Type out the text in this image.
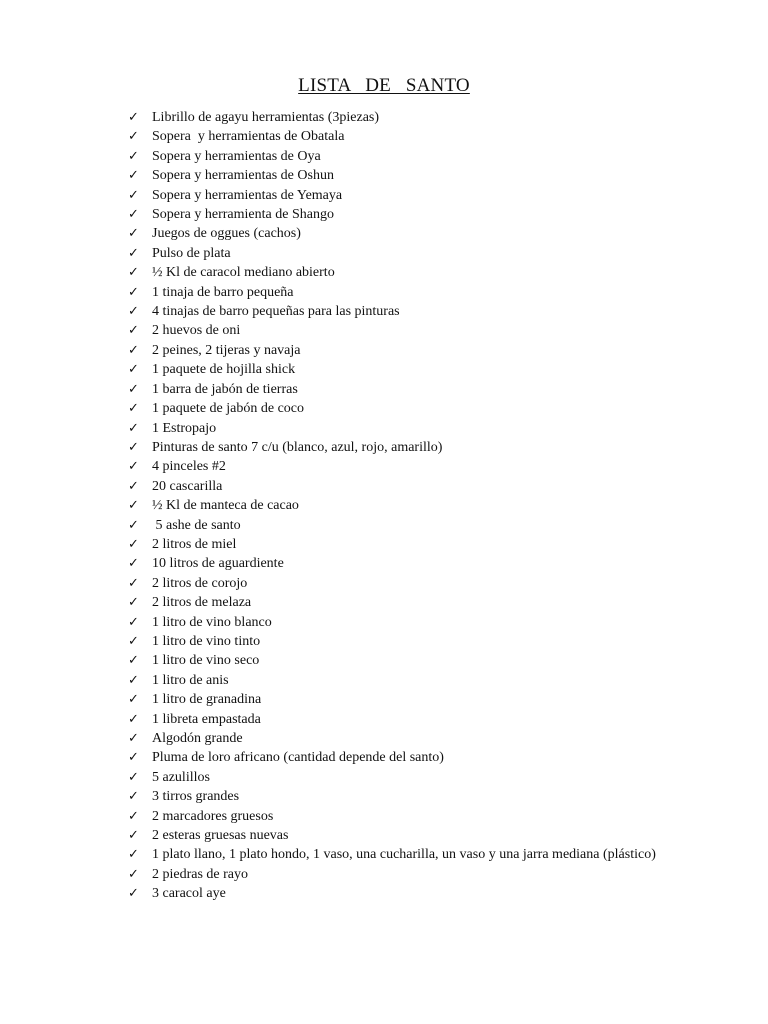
LISTA   DE   SANTO
✓ Librillo de agayu herramientas (3piezas)
✓ Sopera  y herramientas de Obatala
✓ Sopera y herramientas de Oya
✓ Sopera y herramientas de Oshun
✓ Sopera y herramientas de Yemaya
✓ Sopera y herramienta de Shango
✓ Juegos de oggues (cachos)
✓ Pulso de plata
✓ ½ Kl de caracol mediano abierto
✓ 1 tinaja de barro pequeña
✓ 4 tinajas de barro pequeñas para las pinturas
✓ 2 huevos de oni
✓ 2 peines, 2 tijeras y navaja
✓ 1 paquete de hojilla shick
✓ 1 barra de jabón de tierras
✓ 1 paquete de jabón de coco
✓ 1 Estropajo
✓ Pinturas de santo 7 c/u (blanco, azul, rojo, amarillo)
✓ 4 pinceles #2
✓ 20 cascarilla
✓ ½ Kl de manteca de cacao
✓ 5 ashe de santo
✓ 2 litros de miel
✓ 10 litros de aguardiente
✓ 2 litros de corojo
✓ 2 litros de melaza
✓ 1 litro de vino blanco
✓ 1 litro de vino tinto
✓ 1 litro de vino seco
✓ 1 litro de anis
✓ 1 litro de granadina
✓ 1 libreta empastada
✓ Algodón grande
✓ Pluma de loro africano (cantidad depende del santo)
✓ 5 azulillos
✓ 3 tirros grandes
✓ 2 marcadores gruesos
✓ 2 esteras gruesas nuevas
✓ 1 plato llano, 1 plato hondo, 1 vaso, una cucharilla, un vaso y una jarra mediana (plástico)
✓ 2 piedras de rayo
✓ 3 caracol aye
